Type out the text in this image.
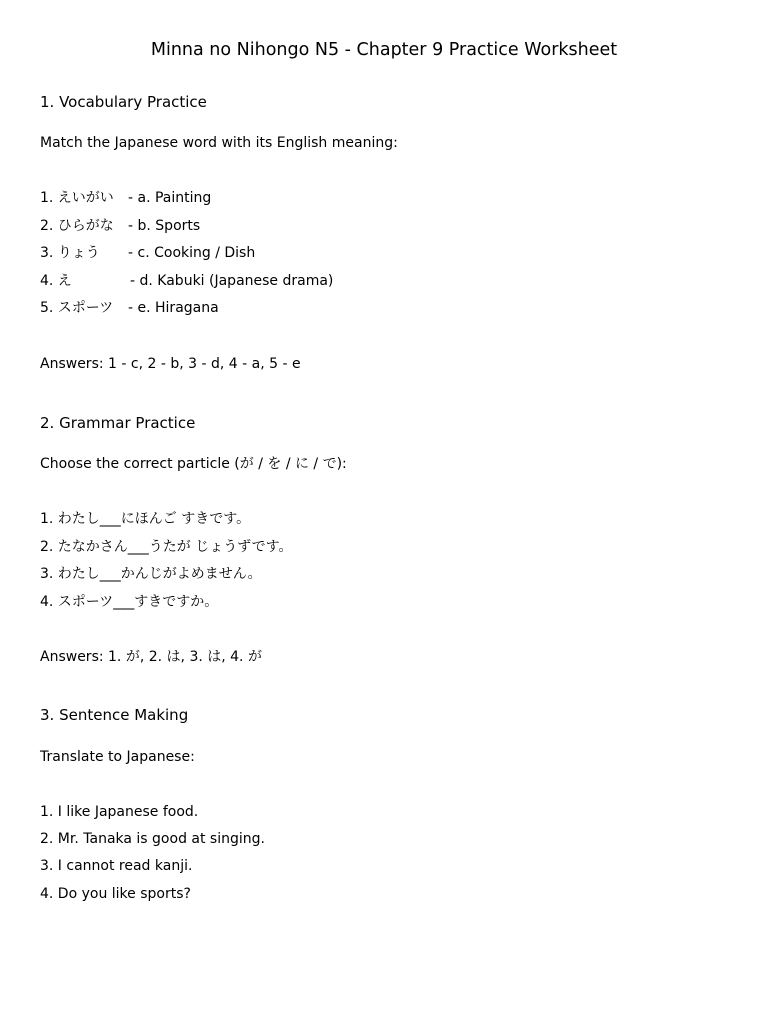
Minna no Nihongo N5 - Chapter 9 Practice Worksheet
1. Vocabulary Practice
Match the Japanese word with its English meaning:
1. えいがい - a. Painting
2. ひらがな - b. Sports
3. りょう - c. Cooking / Dish
4. え	- d. Kabuki (Japanese drama)
5. スポーツ - e. Hiragana
Answers: 1 - c, 2 - b, 3 - d, 4 - a, 5 - e
2. Grammar Practice
Choose the correct particle (が / を / に / で):
1. わたし___にほんご すきです。
2. たなかさん___うたが じょうずです。
3. わたし___かんじがよめません。
4. スポーツ___すきですか。
Answers: 1. が, 2. は, 3. は, 4. が
3. Sentence Making
Translate to Japanese:
1. I like Japanese food.
2. Mr. Tanaka is good at singing.
3. I cannot read kanji.
4. Do you like sports?
